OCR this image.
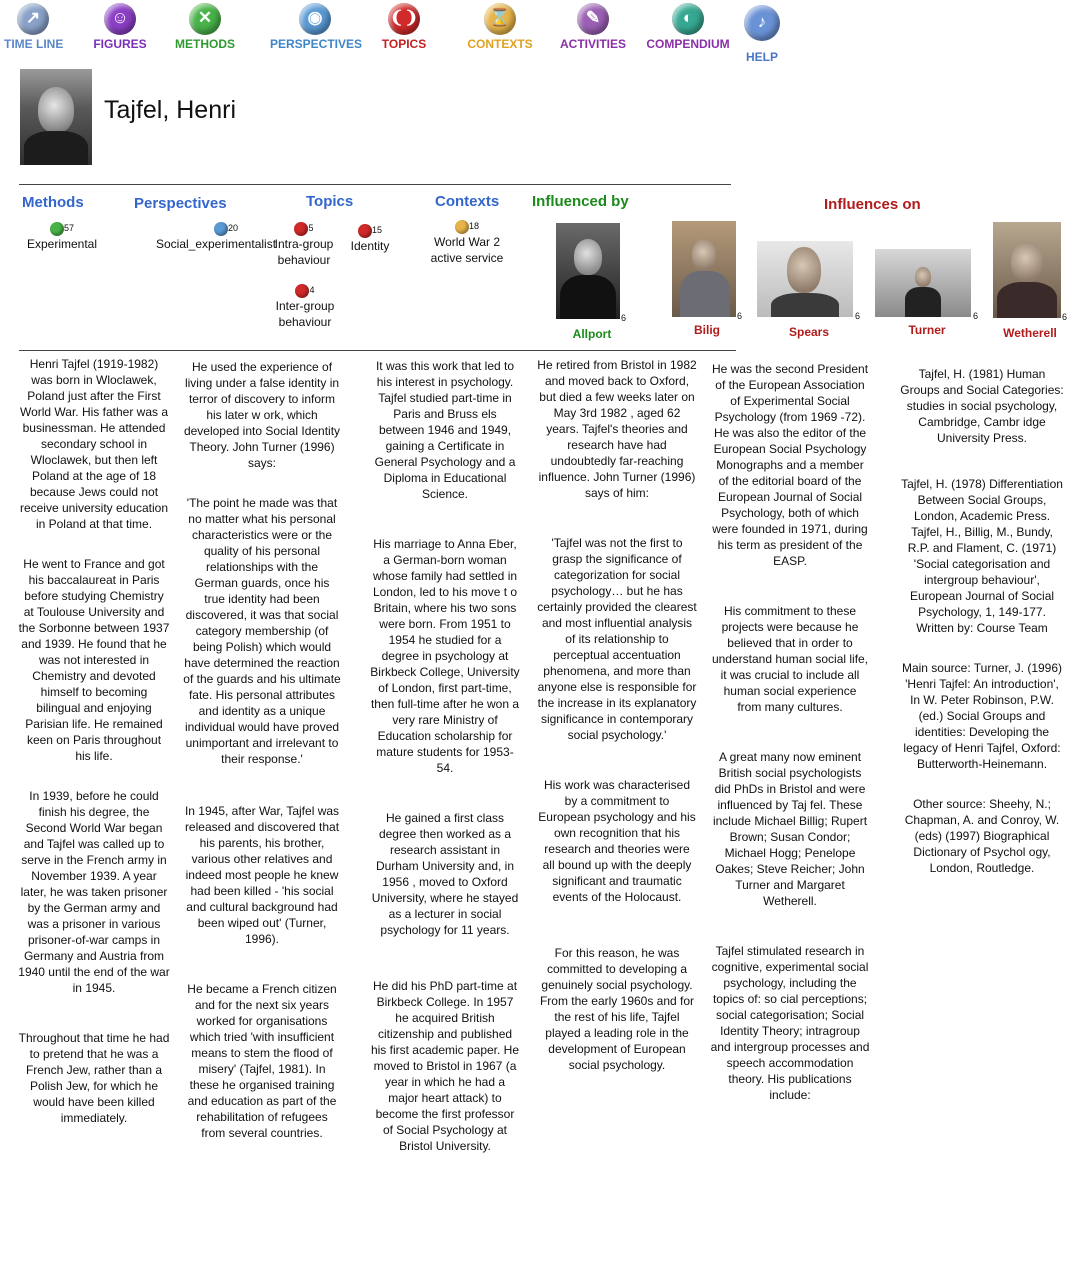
↗
TIME LINE
☺
FIGURES
✕
METHODS
◉
PERSPECTIVES
❨❩
TOPICS
⌛
CONTEXTS
✎
ACTIVITIES
◐
COMPENDIUM
♪
HELP
Tajfel, Henri
Methods	Perspectives	Topics	Contexts Influenced by	Influences on
57
Experimental
20
Social_experimentalist
5
Intra-group behaviour
15
Identity
4
Inter-group behaviour
18
World War 2 active service
6
Allport
6
Bilig
6
Spears
6
Turner
6
Wetherell

Henri Tajfel (1919-1982) was born in Wloclawek, Poland just after the First World War. His father was a businessman. He attended secondary school in Wloclawek, but then left Poland at the age of 18 because Jews could not receive university education in Poland at that time.

He went to France and got his baccalaureat in Paris before studying Chemistry at Toulouse University and the Sorbonne between 1937 and 1939. He found that he was not interested in Chemistry and devoted himself to becoming bilingual and enjoying Parisian life. He remained keen on Paris throughout his life.

In 1939, before he could finish his degree, the Second World War began and Tajfel was called up to serve in the French army in November 1939. A year later, he was taken prisoner by the German army and was a prisoner in various prisoner-of-war camps in Germany and Austria from 1940 until the end of the war in 1945.

Throughout that time he had to pretend that he was a French Jew, rather than a Polish Jew, for which he would have been killed immediately.

He used the experience of living under a false identity in terror of discovery to inform his later w ork, which developed into Social Identity Theory. John Turner (1996) says:

'The point he made was that no matter what his personal characteristics were or the quality of his personal relationships with the German guards, once his true identity had been discovered, it was that social category membership (of being Polish) which would have determined the reaction of the guards and his ultimate fate. His personal attributes and identity as a unique individual would have proved unimportant and irrelevant to their response.'

In 1945, after War, Tajfel was released and discovered that his parents, his brother, various other relatives and indeed most people he knew had been killed - 'his social and cultural background had been wiped out' (Turner, 1996).

He became a French citizen and for the next six years worked for organisations which tried 'with insufficient means to stem the flood of misery' (Tajfel, 1981). In these he organised training and education as part of the rehabilitation of refugees from several countries.

It was this work that led to his interest in psychology. Tajfel studied part-time in Paris and Bruss els between 1946 and 1949, gaining a Certificate in General Psychology and a Diploma in Educational Science.

His marriage to Anna Eber, a German-born woman whose family had settled in London, led to his move t o Britain, where his two sons were born. From 1951 to 1954 he studied for a degree in psychology at Birkbeck College, University of London, first part-time, then full-time after he won a very rare Ministry of Education scholarship for mature students for 1953-54.

He gained a first class degree then worked as a research assistant in Durham University and, in 1956 , moved to Oxford University, where he stayed as a lecturer in social psychology for 11 years.

He did his PhD part-time at Birkbeck College. In 1957 he acquired British citizenship and published his first academic paper. He moved to Bristol in 1967 (a year in which he had a major heart attack) to become the first professor of Social Psychology at Bristol University.

He retired from Bristol in 1982 and moved back to Oxford, but died a few weeks later on May 3rd 1982 , aged 62 years. Tajfel's theories and research have had undoubtedly far-reaching influence. John Turner (1996) says of him:

'Tajfel was not the first to grasp the significance of categorization for social psychology… but he has certainly provided the clearest and most influential analysis of its relationship to perceptual accentuation phenomena, and more than anyone else is responsible for the increase in its explanatory significance in contemporary social psychology.'

His work was characterised by a commitment to European psychology and his own recognition that his research and theories were all bound up with the deeply significant and traumatic events of the Holocaust.

For this reason, he was committed to developing a genuinely social psychology. From the early 1960s and for the rest of his life, Tajfel played a leading role in the development of European social psychology.

He was the second President of the European Association of Experimental Social Psychology (from 1969 -72). He was also the editor of the European Social Psychology Monographs and a member of the editorial board of the European Journal of Social Psychology, both of which were founded in 1971, during his term as president of the EASP.

His commitment to these projects were because he believed that in order to understand human social life, it was crucial to include all human social experience from many cultures.

A great many now eminent British social psychologists did PhDs in Bristol and were influenced by Taj fel. These include Michael Billig; Rupert Brown; Susan Condor; Michael Hogg; Penelope Oakes; Steve Reicher; John Turner and Margaret Wetherell.

Tajfel stimulated research in cognitive, experimental social psychology, including the topics of: so cial perceptions; social categorisation; Social Identity Theory; intragroup and intergroup processes and speech accommodation theory. His publications include:

Tajfel, H. (1981) Human Groups and Social Categories: studies in social psychology, Cambridge, Cambr idge University Press.

Tajfel, H. (1978) Differentiation Between Social Groups, London, Academic Press. Tajfel, H., Billig, M., Bundy, R.P. and Flament, C. (1971) 'Social categorisation and intergroup behaviour', European Journal of Social Psychology, 1, 149-177. Written by: Course Team

Main source: Turner, J. (1996) 'Henri Tajfel: An introduction', In W. Peter Robinson, P.W. (ed.) Social Groups and identities: Developing the legacy of Henri Tajfel, Oxford: Butterworth-Heinemann.

Other source: Sheehy, N.; Chapman, A. and Conroy, W. (eds) (1997) Biographical Dictionary of Psychol ogy, London, Routledge.
